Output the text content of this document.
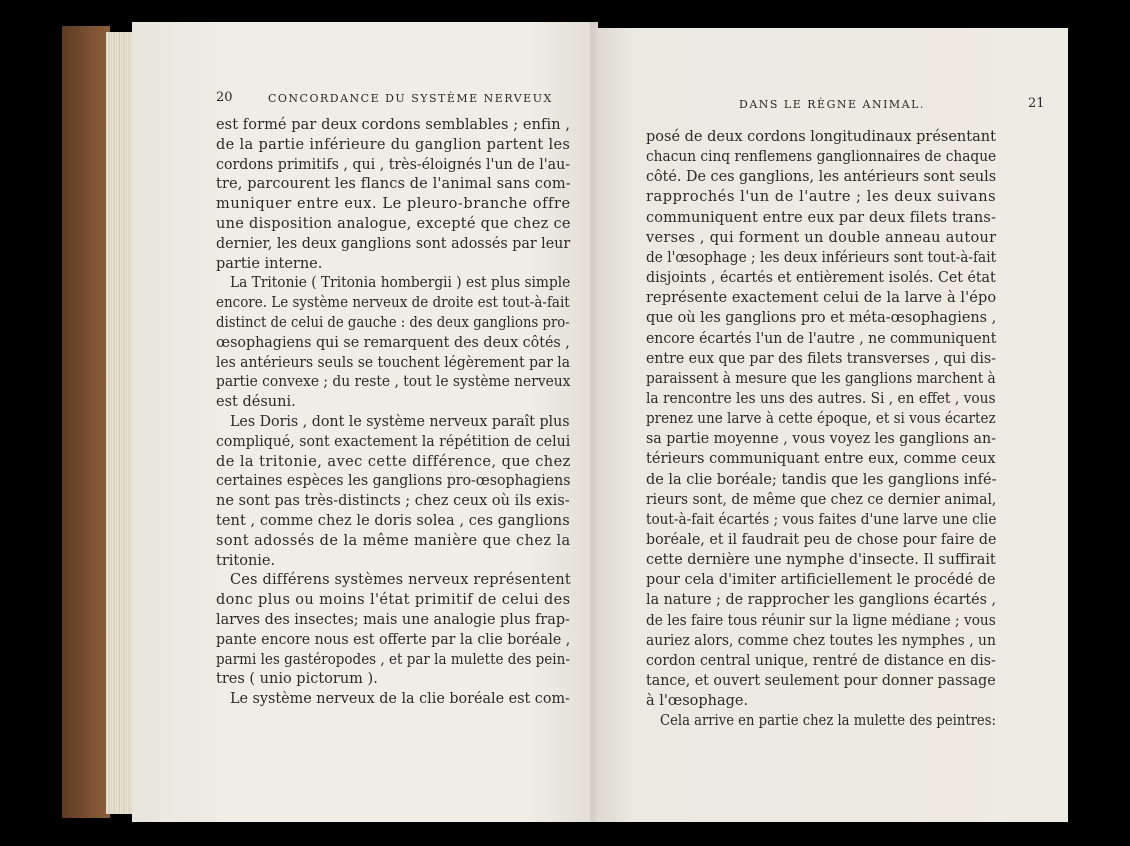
20	CONCORDANCE DU SYSTÈME NERVEUX
est formé par deux cordons semblables ; enfin ,
de la partie inférieure du ganglion partent les
cordons primitifs , qui , très-éloignés l'un de l'au-
tre, parcourent les flancs de l'animal sans com-
muniquer entre eux. Le pleuro-branche offre
une disposition analogue, excepté que chez ce
dernier, les deux ganglions sont adossés par leur
partie interne.
La Tritonie ( Tritonia hombergii ) est plus simple
encore. Le système nerveux de droite est tout-à-fait
distinct de celui de gauche : des deux ganglions pro-
œsophagiens qui se remarquent des deux côtés ,
les antérieurs seuls se touchent légèrement par la
partie convexe ; du reste , tout le système nerveux
est désuni.
Les Doris , dont le système nerveux paraît plus
compliqué, sont exactement la répétition de celui
de la tritonie, avec cette différence, que chez
certaines espèces les ganglions pro-œsophagiens
ne sont pas très-distincts ; chez ceux où ils exis-
tent , comme chez le doris solea , ces ganglions
sont adossés de la même manière que chez la
tritonie.
Ces différens systèmes nerveux représentent
donc plus ou moins l'état primitif de celui des
larves des insectes; mais une analogie plus frap-
pante encore nous est offerte par la clie boréale ,
parmi les gastéropodes , et par la mulette des pein-
tres ( unio pictorum ).
Le système nerveux de la clie boréale est com-
DANS LE RÈGNE ANIMAL.	21
posé de deux cordons longitudinaux présentant
chacun cinq renflemens ganglionnaires de chaque
côté. De ces ganglions, les antérieurs sont seuls
rapprochés l'un de l'autre ; les deux suivans
communiquent entre eux par deux filets trans-
verses , qui forment un double anneau autour
de l'œsophage ; les deux inférieurs sont tout-à-fait
disjoints , écartés et entièrement isolés. Cet état
représente exactement celui de la larve à l'épo
que où les ganglions pro et méta-œsophagiens ,
encore écartés l'un de l'autre , ne communiquent
entre eux que par des filets transverses , qui dis-
paraissent à mesure que les ganglions marchent à
la rencontre les uns des autres. Si , en effet , vous
prenez une larve à cette époque, et si vous écartez
sa partie moyenne , vous voyez les ganglions an-
térieurs communiquant entre eux, comme ceux
de la clie boréale; tandis que les ganglions infé-
rieurs sont, de même que chez ce dernier animal,
tout-à-fait écartés ; vous faites d'une larve une clie
boréale, et il faudrait peu de chose pour faire de
cette dernière une nymphe d'insecte. Il suffirait
pour cela d'imiter artificiellement le procédé de
la nature ; de rapprocher les ganglions écartés ,
de les faire tous réunir sur la ligne médiane ; vous
auriez alors, comme chez toutes les nymphes , un
cordon central unique, rentré de distance en dis-
tance, et ouvert seulement pour donner passage
à l'œsophage.
Cela arrive en partie chez la mulette des peintres:
